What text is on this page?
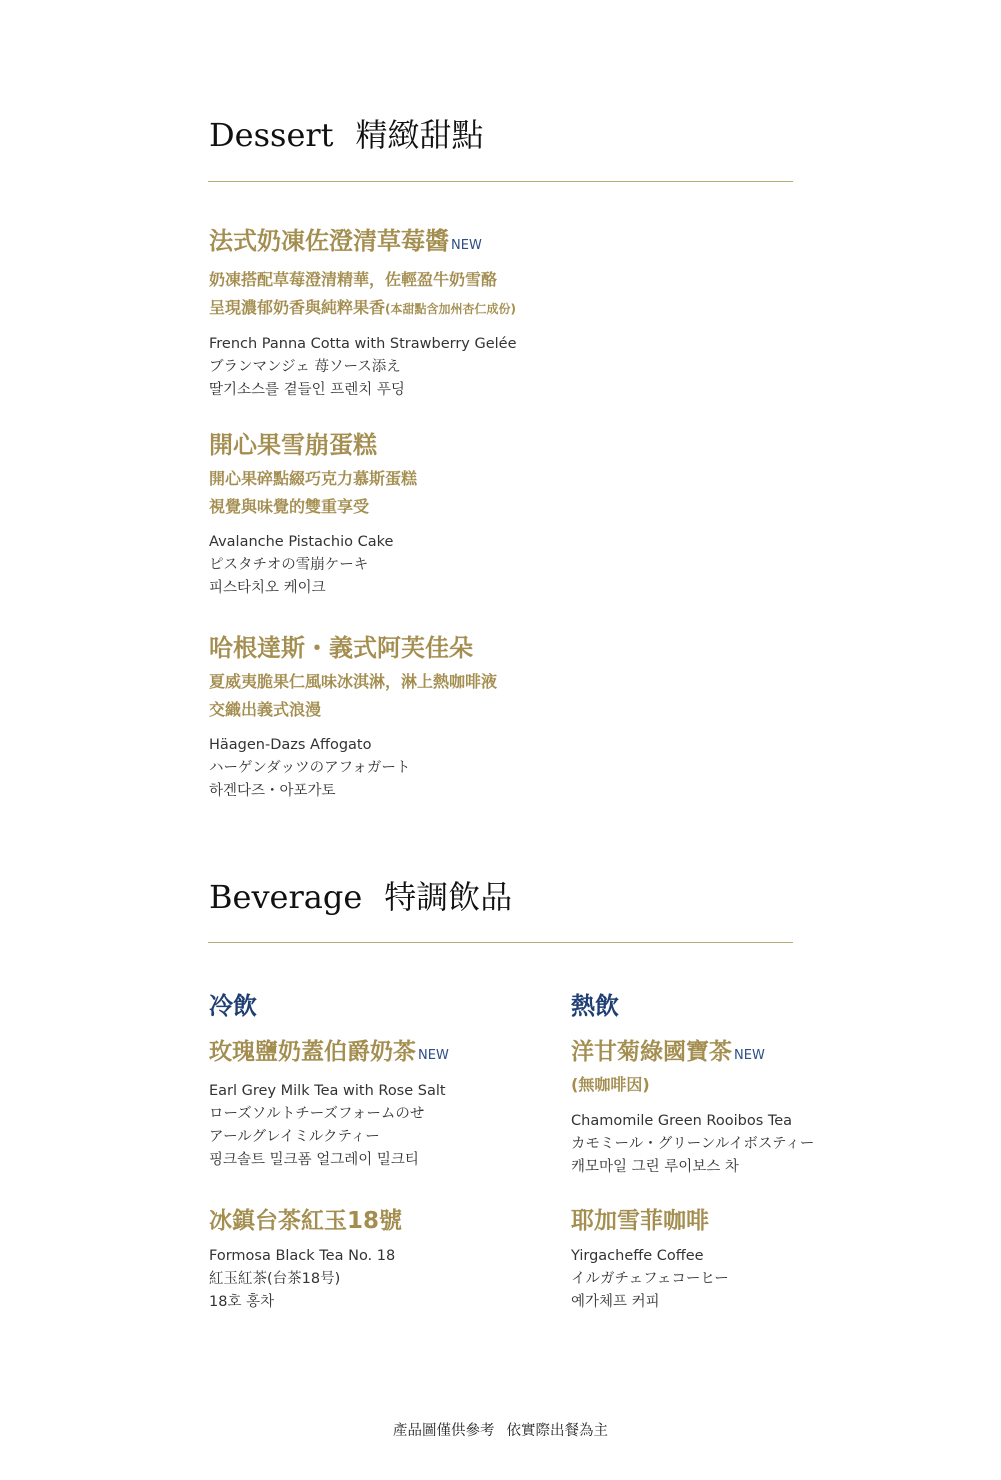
Dessert 精緻甜點
法式奶凍佐澄清草莓醬 NEW
奶凍搭配草莓澄清精華，佐輕盈牛奶雪酪
呈現濃郁奶香與純粹果香(本甜點含加州杏仁成份)
French Panna Cotta with Strawberry Gelée
ブランマンジェ 苺ソース添え
딸기소스를 곁들인 프렌치 푸딩
開心果雪崩蛋糕
開心果碎點綴巧克力慕斯蛋糕
視覺與味覺的雙重享受
Avalanche Pistachio Cake
ピスタチオの雪崩ケーキ
피스타치오 케이크
哈根達斯・義式阿芙佳朵
夏威夷脆果仁風味冰淇淋，淋上熱咖啡液
交織出義式浪漫
Häagen-Dazs Affogato
ハーゲンダッツのアフォガート
하겐다즈・아포가토
Beverage 特調飲品
冷飲	熱飲
玫瑰鹽奶蓋伯爵奶茶 NEW
Earl Grey Milk Tea with Rose Salt
ローズソルトチーズフォームのせ
アールグレイミルクティー
핑크솔트 밀크폼 얼그레이 밀크티
冰鎮台茶紅玉18號
Formosa Black Tea No. 18
紅玉紅茶(台茶18号)
18호 홍차
洋甘菊綠國寶茶 NEW
(無咖啡因)
Chamomile Green Rooibos Tea
カモミール・グリーンルイボスティー
캐모마일 그린 루이보스 차
耶加雪菲咖啡
Yirgacheffe Coffee
イルガチェフェコーヒー
예가체프 커피
產品圖僅供參考 依實際出餐為主
